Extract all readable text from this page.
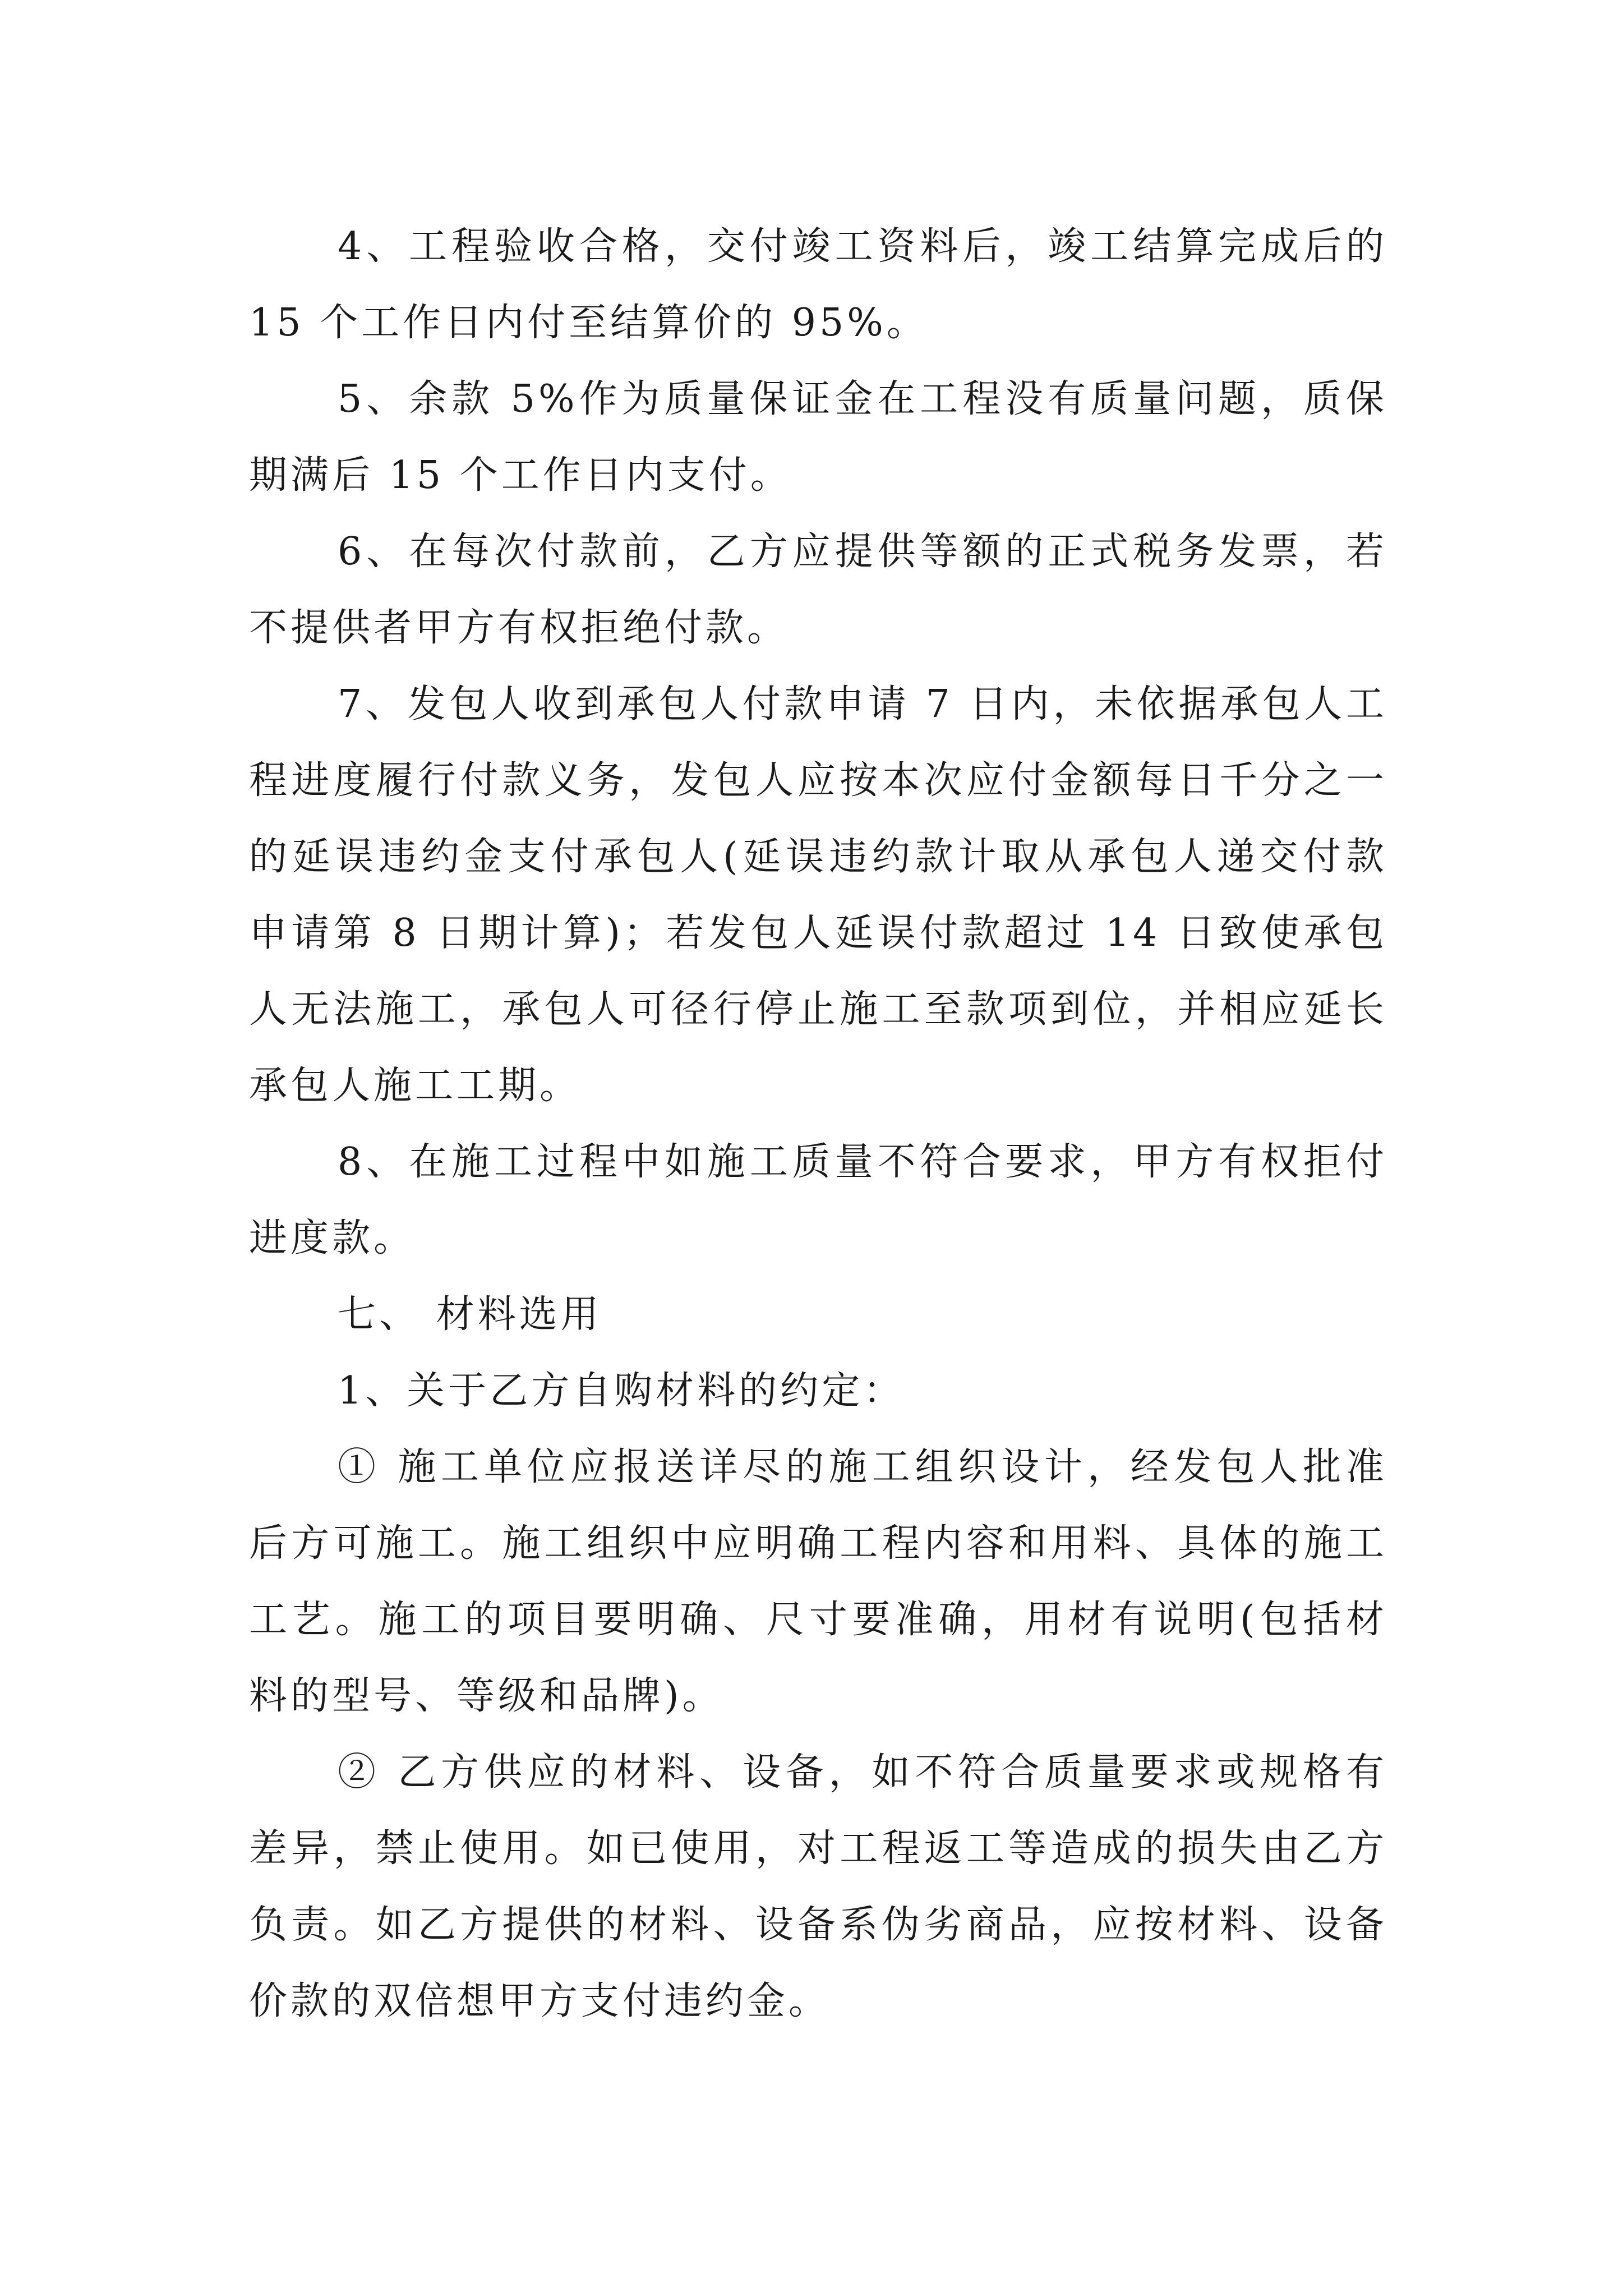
4、工程验收合格，交付竣工资料后，竣工结算完成后的 15 个工作日内付至结算价的 95%。

5、余款 5%作为质量保证金在工程没有质量问题，质保期满后 15 个工作日内支付。

6、在每次付款前，乙方应提供等额的正式税务发票，若不提供者甲方有权拒绝付款。

7、发包人收到承包人付款申请 7 日内，未依据承包人工程进度履行付款义务，发包人应按本次应付金额每日千分之一的延误违约金支付承包人(延误违约款计取从承包人递交付款申请第 8 日期计算)；若发包人延误付款超过 14 日致使承包人无法施工，承包人可径行停止施工至款项到位，并相应延长承包人施工工期。

8、在施工过程中如施工质量不符合要求，甲方有权拒付进度款。

七、 材料选用

1、关于乙方自购材料的约定：

① 施工单位应报送详尽的施工组织设计，经发包人批准后方可施工。施工组织中应明确工程内容和用料、具体的施工工艺。施工的项目要明确、尺寸要准确，用材有说明(包括材料的型号、等级和品牌)。

② 乙方供应的材料、设备，如不符合质量要求或规格有差异，禁止使用。如已使用，对工程返工等造成的损失由乙方负责。如乙方提供的材料、设备系伪劣商品，应按材料、设备价款的双倍想甲方支付违约金。
